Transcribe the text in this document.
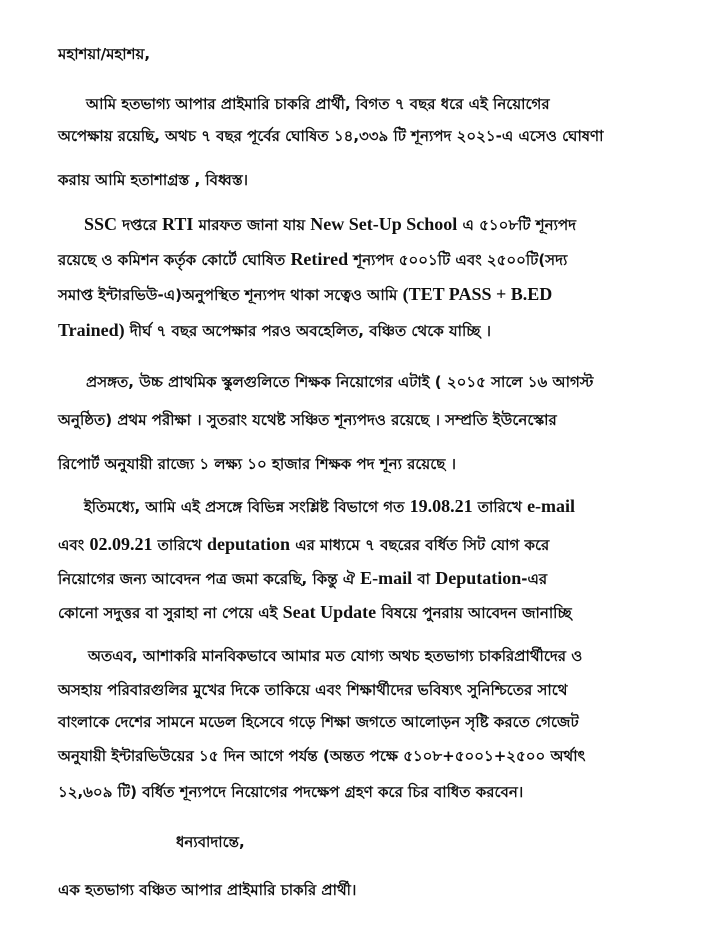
মহাশয়া/মহাশয়,
আমি হতভাগ্য আপার প্রাইমারি চাকরি প্রার্থী, বিগত ৭ বছর ধরে এই নিয়োগের
অপেক্ষায় রয়েছি, অথচ ৭ বছর পূর্বের ঘোষিত ১৪,৩৩৯ টি শূন্যপদ ২০২১-এ এসেও ঘোষণা
করায় আমি হতাশাগ্রস্ত , বিধ্বস্ত।
SSC দপ্তরে RTI মারফত জানা যায় New Set-Up School এ ৫১০৮টি শূন্যপদ
রয়েছে ও কমিশন কর্তৃক কোর্টে ঘোষিত Retired শূন্যপদ ৫০০১টি এবং ২৫০০টি(সদ্য
সমাপ্ত ইন্টারভিউ-এ)অনুপস্থিত শূন্যপদ থাকা সত্বেও আমি (TET PASS + B.ED
Trained) দীর্ঘ ৭ বছর অপেক্ষার পরও অবহেলিত, বঞ্চিত থেকে যাচ্ছি ।
প্রসঙ্গত, উচ্চ প্রাথমিক স্কুলগুলিতে শিক্ষক নিয়োগের এটাই ( ২০১৫ সালে ১৬ আগস্ট
অনুষ্ঠিত) প্রথম পরীক্ষা । সুতরাং যথেষ্ট সঞ্চিত শূন্যপদও রয়েছে । সম্প্রতি ইউনেস্কোর
রিপোর্ট অনুযায়ী রাজ্যে ১ লক্ষ্য ১০ হাজার শিক্ষক পদ শূন্য রয়েছে ।
ইতিমধ্যে, আমি এই প্রসঙ্গে বিভিন্ন সংশ্লিষ্ট বিভাগে গত 19.08.21 তারিখে e-mail
এবং 02.09.21 তারিখে deputation এর মাধ্যমে ৭ বছরের বর্ধিত সিট যোগ করে
নিয়োগের জন্য আবেদন পত্র জমা করেছি, কিন্তু ঐ E-mail বা Deputation-এর
কোনো সদুত্তর বা সুরাহা না পেয়ে এই Seat Update বিষয়ে পুনরায় আবেদন জানাচ্ছি
অতএব, আশাকরি মানবিকভাবে আমার মত যোগ্য অথচ হতভাগ্য চাকরিপ্রার্থীদের ও
অসহায় পরিবারগুলির মুখের দিকে তাকিয়ে এবং শিক্ষার্থীদের ভবিষ্যৎ সুনিশ্চিতের সাথে
বাংলাকে দেশের সামনে মডেল হিসেবে গড়ে শিক্ষা জগতে আলোড়ন সৃষ্টি করতে গেজেট
অনুযায়ী ইন্টারভিউয়ের ১৫ দিন আগে পর্যন্ত (অন্তত পক্ষে ৫১০৮+৫০০১+২৫০০ অর্থাৎ
১২,৬০৯ টি) বর্ধিত শূন্যপদে নিয়োগের পদক্ষেপ গ্রহণ করে চির বাধিত করবেন।
ধন্যবাদান্তে,
এক হতভাগ্য বঞ্চিত আপার প্রাইমারি চাকরি প্রার্থী।
